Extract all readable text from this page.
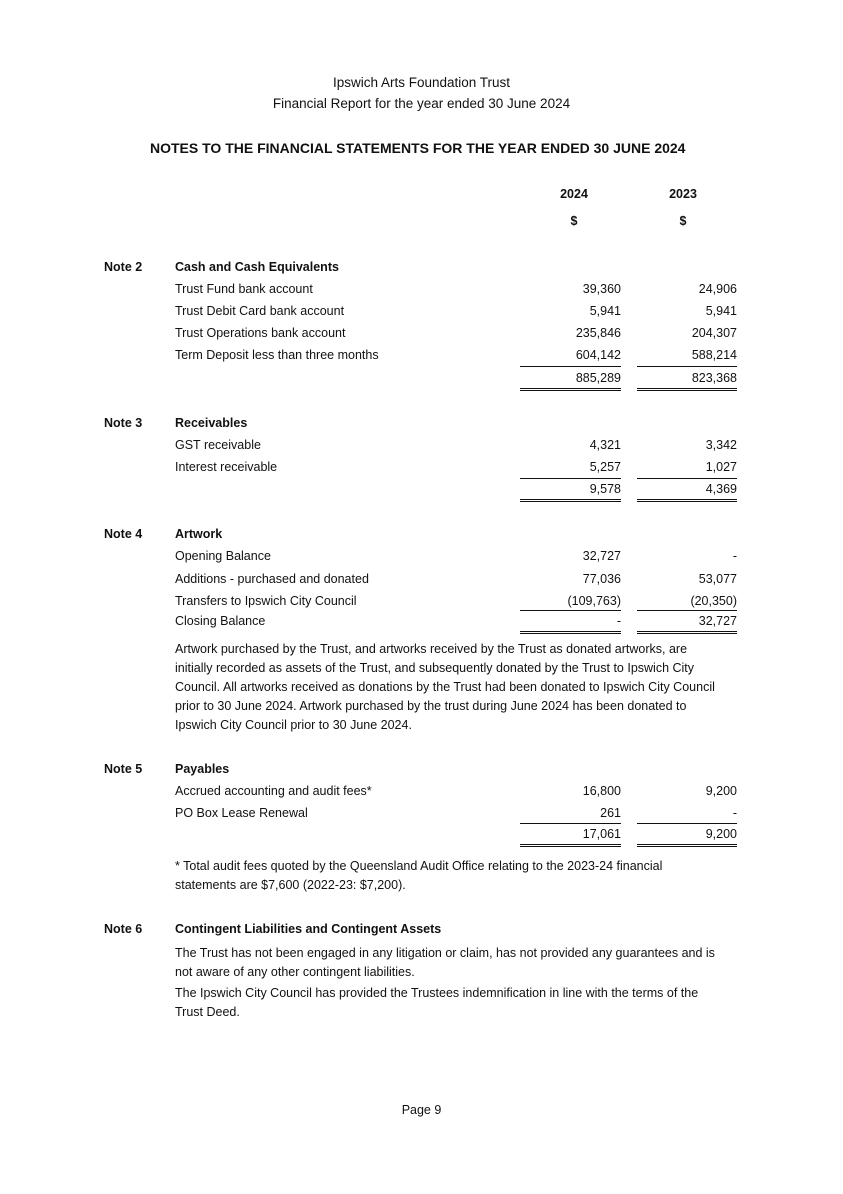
Ipswich Arts Foundation Trust
Financial Report for the year ended 30 June 2024
NOTES TO THE FINANCIAL STATEMENTS FOR THE YEAR ENDED 30 JUNE 2024
2024	2023
$	$
Note 2	Cash and Cash Equivalents
Trust Fund bank account	39,360	24,906
Trust Debit Card bank account	5,941	5,941
Trust Operations bank account	235,846	204,307
Term Deposit less than three months	604,142	588,214
885,289	823,368
Note 3	Receivables
GST receivable	4,321	3,342
Interest receivable	5,257	1,027
9,578	4,369
Note 4	Artwork
Opening Balance	32,727	-
Additions - purchased and donated	77,036	53,077
Transfers to Ipswich City Council	(109,763)	(20,350)
Closing Balance	-	32,727
Artwork purchased by the Trust, and artworks received by the Trust as donated artworks, are
initially recorded as assets of the Trust, and subsequently donated by the Trust to Ipswich City
Council. All artworks received as donations by the Trust had been donated to Ipswich City Council
prior to 30 June 2024. Artwork purchased by the trust during June 2024 has been donated to
Ipswich City Council prior to 30 June 2024.
Note 5	Payables
Accrued accounting and audit fees*	16,800	9,200
PO Box Lease Renewal	261	-
17,061	9,200
* Total audit fees quoted by the Queensland Audit Office relating to the 2023-24 financial
statements are $7,600 (2022-23: $7,200).
Note 6	Contingent Liabilities and Contingent Assets
The Trust has not been engaged in any litigation or claim, has not provided any guarantees and is
not aware of any other contingent liabilities.
The Ipswich City Council has provided the Trustees indemnification in line with the terms of the
Trust Deed.
Page 9
